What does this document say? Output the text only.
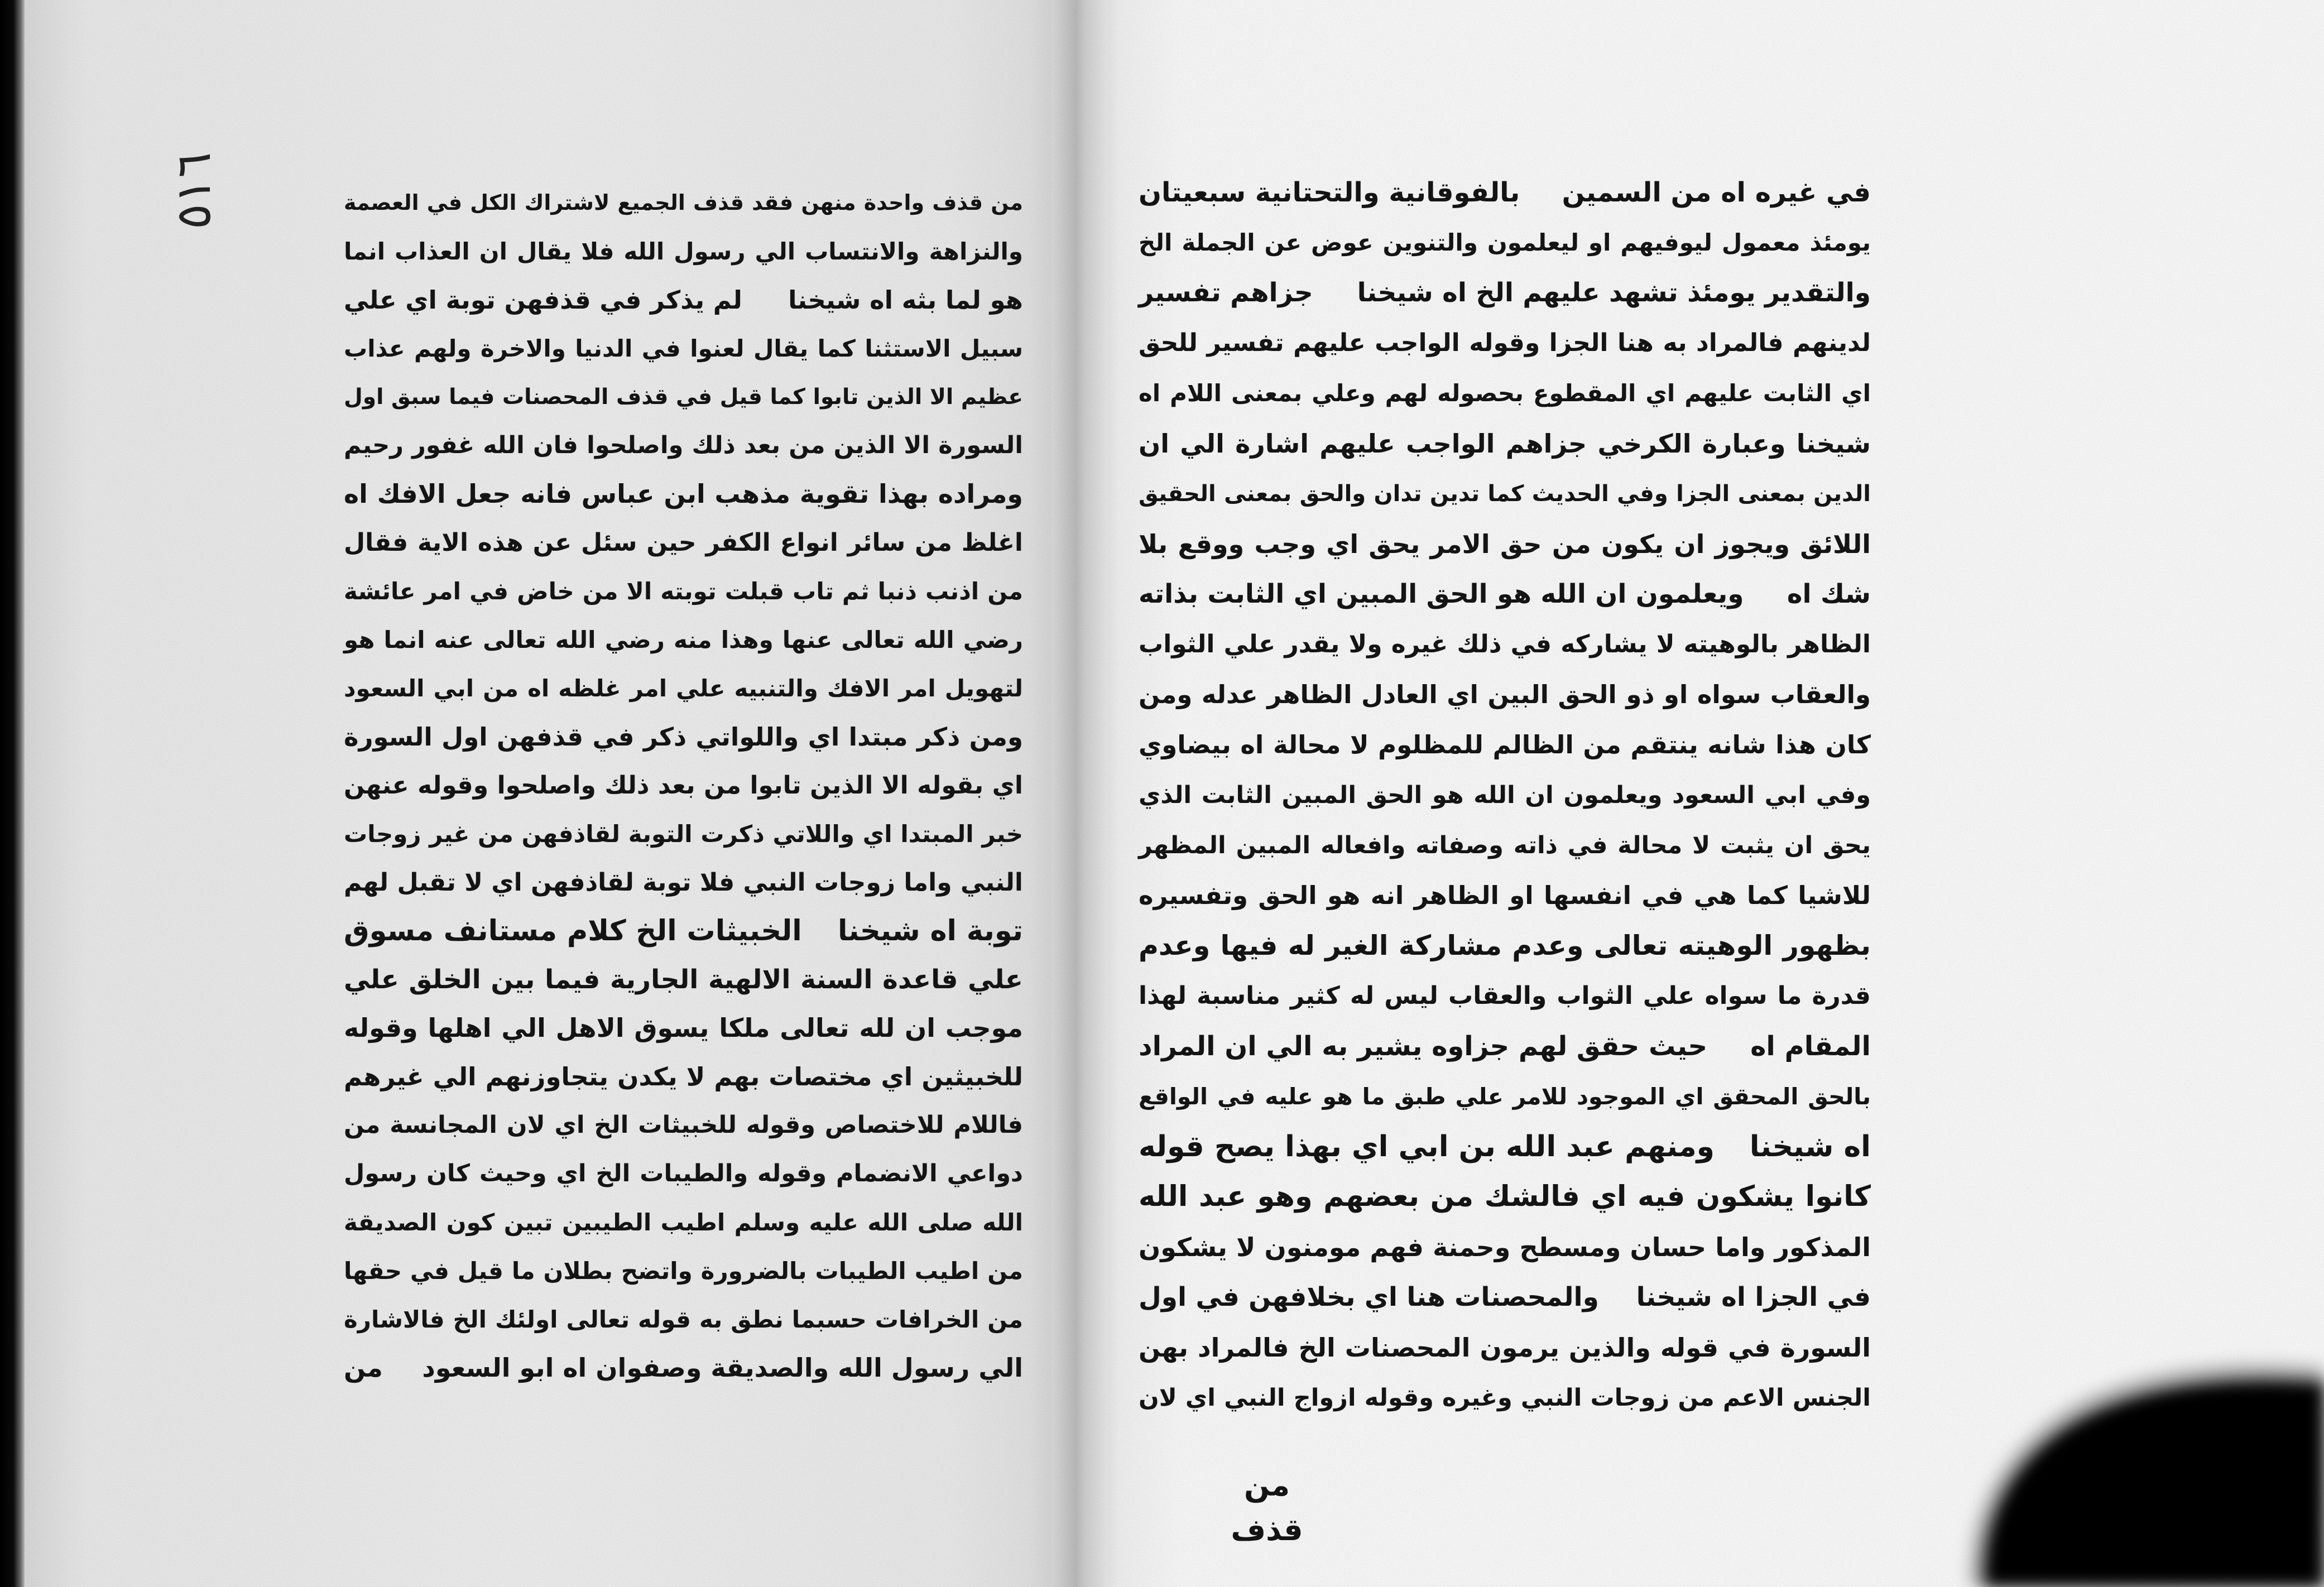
٥١٦	من قذف واحدة منهن فقد قذف الجميع لاشتراك الكل في العصمة
والنزاهة والانتساب الي رسول الله فلا يقال ان العذاب انما
هو لما بثه اه شيخنا
لم يذكر في قذفهن توبة اي علي
سبيل الاستثنا كما يقال لعنوا في الدنيا والاخرة ولهم عذاب
عظيم الا الذين تابوا كما قيل في قذف المحصنات فيما سبق اول
السورة الا الذين من بعد ذلك واصلحوا فان الله غفور رحيم
ومراده بهذا تقوية مذهب ابن عباس فانه جعل الافك اه
اغلظ من سائر انواع الكفر حين سئل عن هذه الاية فقال
من اذنب ذنبا ثم تاب قبلت توبته الا من خاض في امر عائشة
رضي الله تعالى عنها وهذا منه رضي الله تعالى عنه انما هو
لتهويل امر الافك والتنبيه علي امر غلظه اه من ابي السعود
ومن ذكر مبتدا اي واللواتي ذكر في قذفهن اول السورة
اي بقوله الا الذين تابوا من بعد ذلك واصلحوا وقوله عنهن
خبر المبتدا اي واللاتي ذكرت التوبة لقاذفهن من غير زوجات
النبي واما زوجات النبي فلا توبة لقاذفهن اي لا تقبل لهم
توبة اه شيخنا
الخبيثات الخ كلام مستانف مسوق
علي قاعدة السنة الالهية الجارية فيما بين الخلق علي
موجب ان لله تعالى ملكا يسوق الاهل الي اهلها وقوله
للخبيثين اي مختصات بهم لا يكدن يتجاوزنهم الي غيرهم
فاللام للاختصاص وقوله للخبيثات الخ اي لان المجانسة من
دواعي الانضمام وقوله والطيبات الخ اي وحيث كان رسول
الله صلى الله عليه وسلم اطيب الطيبين تبين كون الصديقة
من اطيب الطيبات بالضرورة واتضح بطلان ما قيل في حقها
من الخرافات حسبما نطق به قوله تعالى اولئك الخ فالاشارة
الي رسول الله والصديقة وصفوان اه ابو السعود
من
في غيره اه من السمين
بالفوقانية والتحتانية سبعيتان
يومئذ معمول ليوفيهم او ليعلمون والتنوين عوض عن الجملة الخ
والتقدير يومئذ تشهد عليهم الخ اه شيخنا
جزاهم تفسير
لدينهم فالمراد به هنا الجزا وقوله الواجب عليهم تفسير للحق
اي الثابت عليهم اي المقطوع بحصوله لهم وعلي بمعنى اللام اه
شيخنا وعبارة الكرخي جزاهم الواجب عليهم اشارة الي ان
الدين بمعنى الجزا وفي الحديث كما تدين تدان والحق بمعنى الحقيق
اللائق ويجوز ان يكون من حق الامر يحق اي وجب ووقع بلا
شك اه
ويعلمون ان الله هو الحق المبين اي الثابت بذاته
الظاهر بالوهيته لا يشاركه في ذلك غيره ولا يقدر علي الثواب
والعقاب سواه او ذو الحق البين اي العادل الظاهر عدله ومن
كان هذا شانه ينتقم من الظالم للمظلوم لا محالة اه بيضاوي
وفي ابي السعود ويعلمون ان الله هو الحق المبين الثابت الذي
يحق ان يثبت لا محالة في ذاته وصفاته وافعاله المبين المظهر
للاشيا كما هي في انفسها او الظاهر انه هو الحق وتفسيره
بظهور الوهيته تعالى وعدم مشاركة الغير له فيها وعدم
قدرة ما سواه علي الثواب والعقاب ليس له كثير مناسبة لهذا
المقام اه
حيث حقق لهم جزاوه يشير به الي ان المراد
بالحق المحقق اي الموجود للامر علي طبق ما هو عليه في الواقع
اه شيخنا
ومنهم عبد الله بن ابي اي بهذا يصح قوله
كانوا يشكون فيه اي فالشك من بعضهم وهو عبد الله
المذكور واما حسان ومسطح وحمنة فهم مومنون لا يشكون
في الجزا اه شيخنا
والمحصنات هنا اي بخلافهن في اول
السورة في قوله والذين يرمون المحصنات الخ فالمراد بهن
الجنس الاعم من زوجات النبي وغيره وقوله ازواج النبي اي لان
من قذف
